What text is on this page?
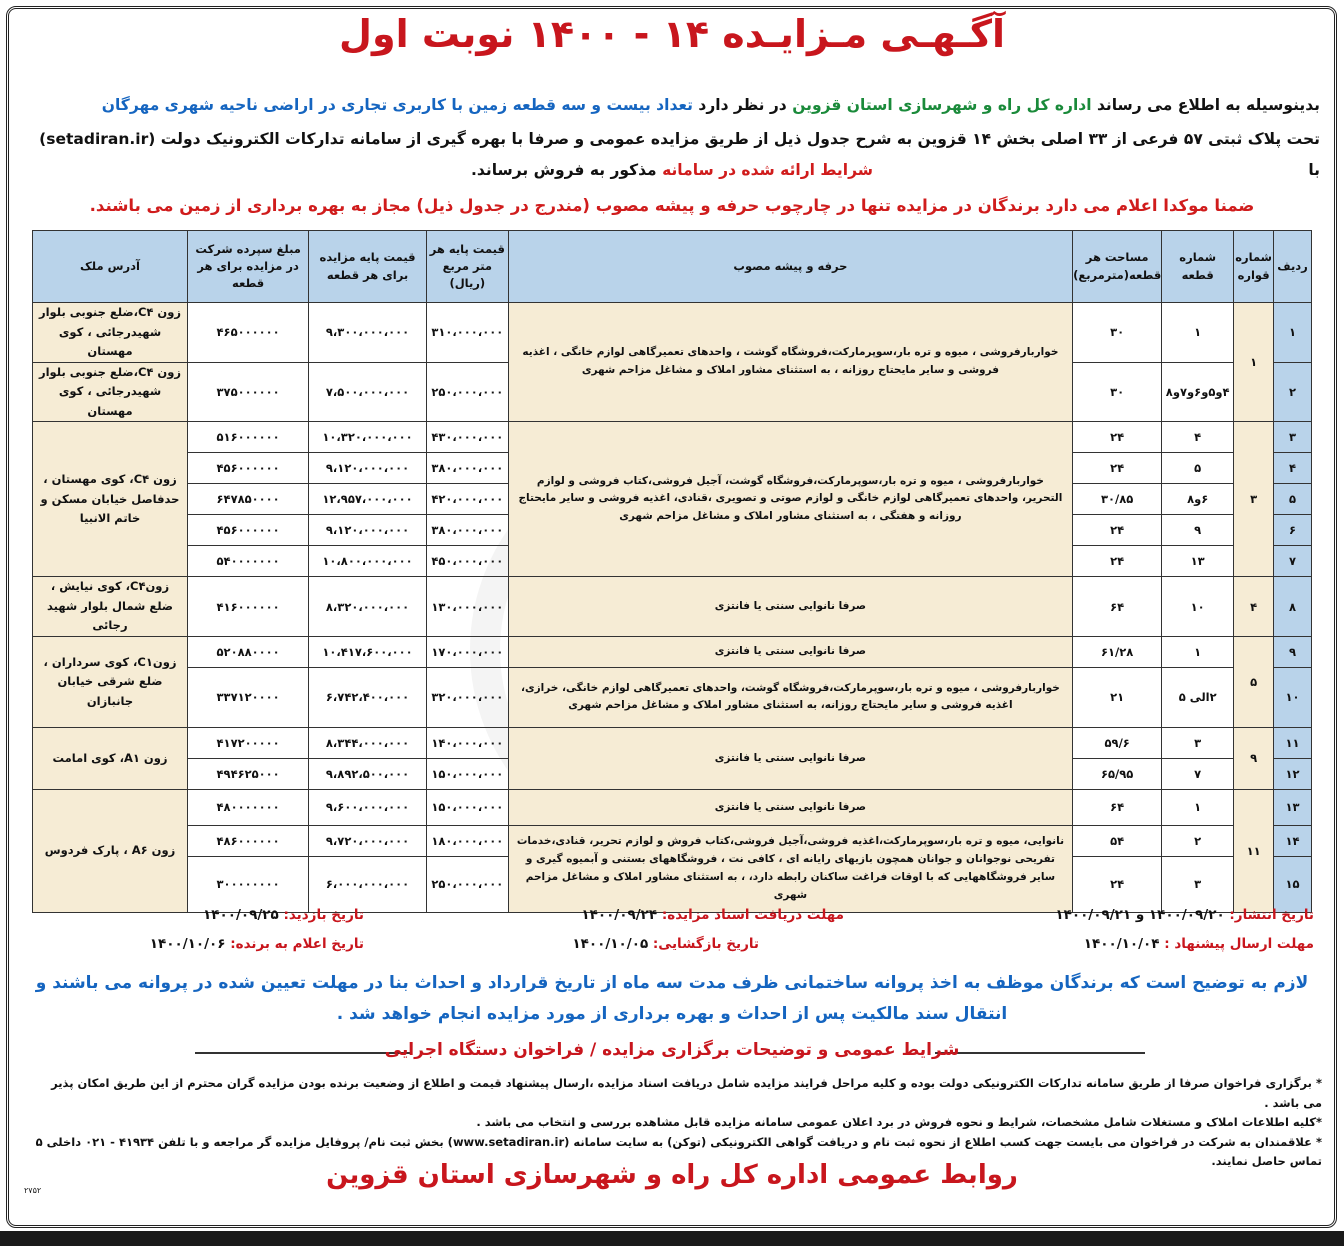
آگـهـی مـزایـده ۱۴ - ۱۴۰۰ نوبت اول
بدینوسیله به اطلاع می رساند اداره کل راه و شهرسازی استان قزوین در نظر دارد تعداد بیست و سه قطعه زمین با کاربری تجاری در اراضی ناحیه شهری مهرگان
تحت پلاک ثبتی ۵۷ فرعی از ۳۳ اصلی بخش ۱۴ قزوین به شرح جدول ذیل از طریق مزایده عمومی و صرفا با بهره گیری از سامانه تدارکات الکترونیک دولت (setadiran.ir) با
شرایط ارائه شده در سامانه مذکور به فروش برساند.
ضمنا موکدا اعلام می دارد برندگان در مزایده تنها در چارچوب حرفه و پیشه مصوب (مندرج در جدول ذیل) مجاز به بهره برداری از زمین می باشند.
ردیف	شماره قواره	شماره قطعه	مساحت هر قطعه(مترمربع)	حرفه و پیشه مصوب	قیمت پایه هر متر مربع (ریال)	قیمت پایه مزایده برای هر قطعه	مبلغ سپرده شرکت در مزایده برای هر قطعه	آدرس ملک
۱	۱	۱	۳۰	خواربارفروشی ، میوه و تره بار،سوپرمارکت،فروشگاه گوشت ، واحدهای تعمیرگاهی لوازم خانگی ، اغذیه فروشی و سایر مایحتاج روزانه ، به استثنای مشاور املاک و مشاغل مزاحم شهری	۳۱۰،۰۰۰،۰۰۰	۹،۳۰۰،۰۰۰،۰۰۰	۴۶۵۰۰۰۰۰۰	زون C۴،ضلع جنوبی بلوار شهیدرجائی ، کوی مهستان
۲		۴و۵و۶و۷و۸	۳۰		۲۵۰،۰۰۰،۰۰۰	۷،۵۰۰،۰۰۰،۰۰۰	۳۷۵۰۰۰۰۰۰	زون C۴،ضلع جنوبی بلوار شهیدرجائی ، کوی مهستان
۳	۳	۴	۲۴	خواربارفروشی ، میوه و تره بار،سوپرمارکت،فروشگاه گوشت، آجیل فروشی،کتاب فروشی و لوازم التحریر، واحدهای تعمیرگاهی لوازم خانگی و لوازم صوتی و تصویری ،قنادی، اغذیه فروشی و سایر مایحتاج روزانه و هفتگی ، به استثنای مشاور املاک و مشاغل مزاحم شهری	۴۳۰،۰۰۰،۰۰۰	۱۰،۳۲۰،۰۰۰،۰۰۰	۵۱۶۰۰۰۰۰۰	زون C۴، کوی مهستان ، حدفاصل خیابان مسکن و خاتم الانبیا
۴		۵	۲۴		۳۸۰،۰۰۰،۰۰۰	۹،۱۲۰،۰۰۰،۰۰۰	۴۵۶۰۰۰۰۰۰	
۵		۶و۸	۳۰/۸۵		۴۲۰،۰۰۰،۰۰۰	۱۲،۹۵۷،۰۰۰،۰۰۰	۶۴۷۸۵۰۰۰۰	
۶		۹	۲۴		۳۸۰،۰۰۰،۰۰۰	۹،۱۲۰،۰۰۰،۰۰۰	۴۵۶۰۰۰۰۰۰	
۷		۱۳	۲۴		۴۵۰،۰۰۰،۰۰۰	۱۰،۸۰۰،۰۰۰،۰۰۰	۵۴۰۰۰۰۰۰۰	
۸	۴	۱۰	۶۴	صرفا نانوایی سنتی یا فانتزی	۱۳۰،۰۰۰،۰۰۰	۸،۳۲۰،۰۰۰،۰۰۰	۴۱۶۰۰۰۰۰۰	زونC۴، کوی نیایش ، ضلع شمال بلوار شهید رجائی
۹	۵	۱	۶۱/۲۸	صرفا نانوایی سنتی یا فانتزی	۱۷۰،۰۰۰،۰۰۰	۱۰،۴۱۷،۶۰۰،۰۰۰	۵۲۰۸۸۰۰۰۰	زونC۱، کوی سرداران ، ضلع شرقی خیابان جانبازان
۱۰		۲الی ۵	۲۱	خواربارفروشی ، میوه و تره بار،سوپرمارکت،فروشگاه گوشت، واحدهای تعمیرگاهی لوازم خانگی، خرازی، اغذیه فروشی و سایر مایحتاج روزانه، به استثنای مشاور املاک و مشاغل مزاحم شهری	۳۲۰،۰۰۰،۰۰۰	۶،۷۴۲،۴۰۰،۰۰۰	۳۳۷۱۲۰۰۰۰	
۱۱	۹	۳	۵۹/۶	صرفا نانوایی سنتی یا فانتزی	۱۴۰،۰۰۰،۰۰۰	۸،۳۴۴،۰۰۰،۰۰۰	۴۱۷۲۰۰۰۰۰	زون A۱، کوی امامت
۱۲		۷	۶۵/۹۵		۱۵۰،۰۰۰،۰۰۰	۹،۸۹۲،۵۰۰،۰۰۰	۴۹۴۶۲۵۰۰۰	
۱۳	۱۱	۱	۶۴	صرفا نانوایی سنتی یا فانتزی	۱۵۰،۰۰۰،۰۰۰	۹،۶۰۰،۰۰۰،۰۰۰	۴۸۰۰۰۰۰۰۰	زون A۶ ، پارک فردوس
۱۴		۲	۵۴	نانوایی، میوه و تره بار،سوپرمارکت،اغذیه فروشی،آجیل فروشی،کتاب فروش و لوازم تحریر، قنادی،خدمات تفریحی نوجوانان و جوانان همچون بازیهای رایانه ای ، کافی نت ، فروشگاههای بستنی و آبمیوه گیری و سایر فروشگاههایی که با اوقات فراغت ساکنان رابطه دارد، ، به استثنای مشاور املاک و مشاغل مزاحم شهری	۱۸۰،۰۰۰،۰۰۰	۹،۷۲۰،۰۰۰،۰۰۰	۴۸۶۰۰۰۰۰۰	
۱۵		۳	۲۴		۲۵۰،۰۰۰،۰۰۰	۶،۰۰۰،۰۰۰،۰۰۰	۳۰۰۰۰۰۰۰۰	
تاریخ انتشار: ۱۴۰۰/۰۹/۲۰ و ۱۴۰۰/۰۹/۲۱
مهلت دریافت اسناد مزایده: ۱۴۰۰/۰۹/۲۴
تاریخ بازدید: ۱۴۰۰/۰۹/۲۵
مهلت ارسال پیشنهاد : ۱۴۰۰/۱۰/۰۴
تاریخ بازگشایی: ۱۴۰۰/۱۰/۰۵
تاریخ اعلام به برنده: ۱۴۰۰/۱۰/۰۶
لازم به توضیح است که برندگان موظف به اخذ پروانه ساختمانی ظرف مدت سه ماه از تاریخ قرارداد و احداث بنا در مهلت تعیین شده در پروانه می باشند و انتقال سند مالکیت پس از احداث و بهره برداری از مورد مزایده انجام خواهد شد .
شرایط عمومی و توضیحات برگزاری مزایده / فراخوان دستگاه اجرایی
* برگزاری فراخوان صرفا از طریق سامانه تدارکات الکترونیکی دولت بوده و کلیه مراحل فرایند مزایده شامل دریافت اسناد مزایده ،ارسال پیشنهاد قیمت و اطلاع از وضعیت برنده بودن مزایده گران محترم از این طریق امکان پذیر می باشد .
*کلیه اطلاعات املاک و مستغلات شامل مشخصات، شرایط و نحوه فروش در برد اعلان عمومی سامانه مزایده قابل مشاهده بررسی و انتخاب می باشد .
* علاقمندان به شرکت در فراخوان می بایست جهت کسب اطلاع از نحوه ثبت نام و دریافت گواهی الکترونیکی (توکن) به سایت سامانه (www.setadiran.ir) بخش ثبت نام/ پروفایل مزایده گر مراجعه و با تلفن ۴۱۹۳۴ - ۰۲۱ داخلی ۵ تماس حاصل نمایند.
روابط عمومی اداره کل راه و شهرسازی استان قزوین
۲۷۵۲
